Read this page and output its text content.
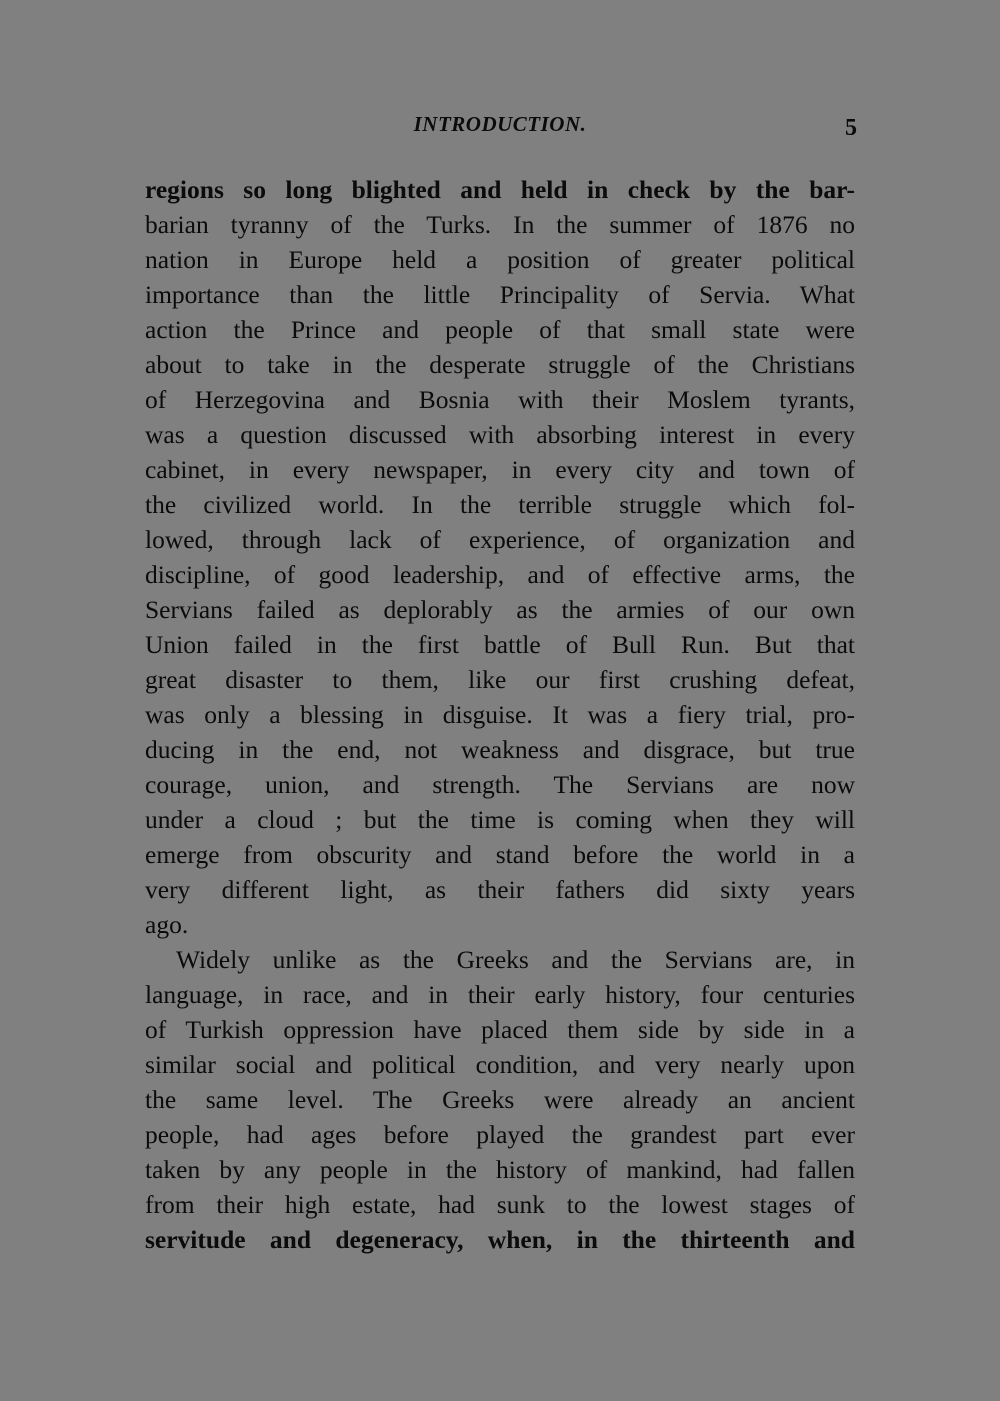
INTRODUCTION.	5

regions so long blighted and held in check by the bar-
barian tyranny of the Turks. In the summer of 1876 no
nation in Europe held a position of greater political
importance than the little Principality of Servia. What
action the Prince and people of that small state were
about to take in the desperate struggle of the Christians
of Herzegovina and Bosnia with their Moslem tyrants,
was a question discussed with absorbing interest in every
cabinet, in every newspaper, in every city and town of
the civilized world. In the terrible struggle which fol-
lowed, through lack of experience, of organization and
discipline, of good leadership, and of effective arms, the
Servians failed as deplorably as the armies of our own
Union failed in the first battle of Bull Run. But that
great disaster to them, like our first crushing defeat,
was only a blessing in disguise. It was a fiery trial, pro-
ducing in the end, not weakness and disgrace, but true
courage, union, and strength. The Servians are now
under a cloud ; but the time is coming when they will
emerge from obscurity and stand before the world in a
very different light, as their fathers did sixty years
ago.

Widely unlike as the Greeks and the Servians are, in
language, in race, and in their early history, four centuries
of Turkish oppression have placed them side by side in a
similar social and political condition, and very nearly upon
the same level. The Greeks were already an ancient
people, had ages before played the grandest part ever
taken by any people in the history of mankind, had fallen
from their high estate, had sunk to the lowest stages of
servitude and degeneracy, when, in the thirteenth and
